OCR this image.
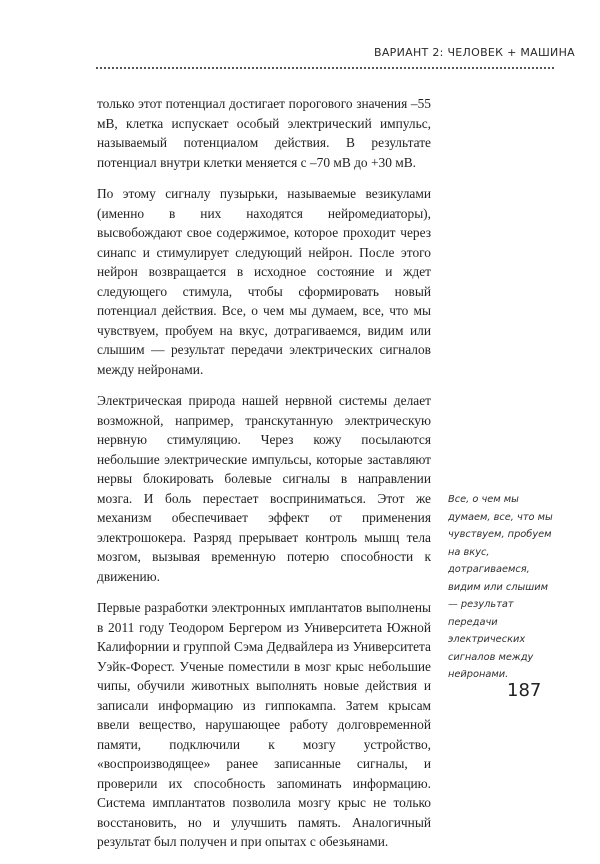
ВАРИАНТ 2: ЧЕЛОВЕК + МАШИНА

только этот потенциал достигает порогового значения –55 мВ, клетка испускает особый электрический импульс, называемый потенциалом действия. В результате потенциал внутри клетки меняется с –70 мВ до +30 мВ.

По этому сигналу пузырьки, называемые везикулами (именно в них находятся нейромедиаторы), высвобождают свое содержимое, которое проходит через синапс и стимулирует следующий нейрон. После этого нейрон возвращается в исходное состояние и ждет следующего стимула, чтобы сформировать новый потенциал действия. Все, о чем мы думаем, все, что мы чувствуем, пробуем на вкус, дотрагиваемся, видим или слышим — результат передачи электрических сигналов между нейронами.

Электрическая природа нашей нервной системы делает возможной, например, транскутанную электрическую нервную стимуляцию. Через кожу посылаются небольшие электрические импульсы, которые заставляют нервы блокировать болевые сигналы в направлении мозга. И боль перестает восприниматься. Этот же механизм обеспечивает эффект от применения электрошокера. Разряд прерывает контроль мышц тела мозгом, вызывая временную потерю способности к движению.

Первые разработки электронных имплантатов выполнены в 2011 году Теодором Бергером из Университета Южной Калифорнии и группой Сэма Дедвайлера из Университета Уэйк-Форест. Ученые поместили в мозг крыс небольшие чипы, обучили животных выполнять новые действия и записали информацию из гиппокампа. Затем крысам ввели вещество, нарушающее работу долговременной памяти, подключили к мозгу устройство, «воспроизводящее» ранее записанные сигналы, и проверили их способность запоминать информацию. Система имплантатов позволила мозгу крыс не только восстановить, но и улучшить память. Аналогичный результат был получен и при опытах с обезьянами.

Все, о чем мы думаем, все, что мы чувствуем, пробуем на вкус, дотрагиваемся, видим или слышим — результат передачи электрических сигналов между нейронами.
187
